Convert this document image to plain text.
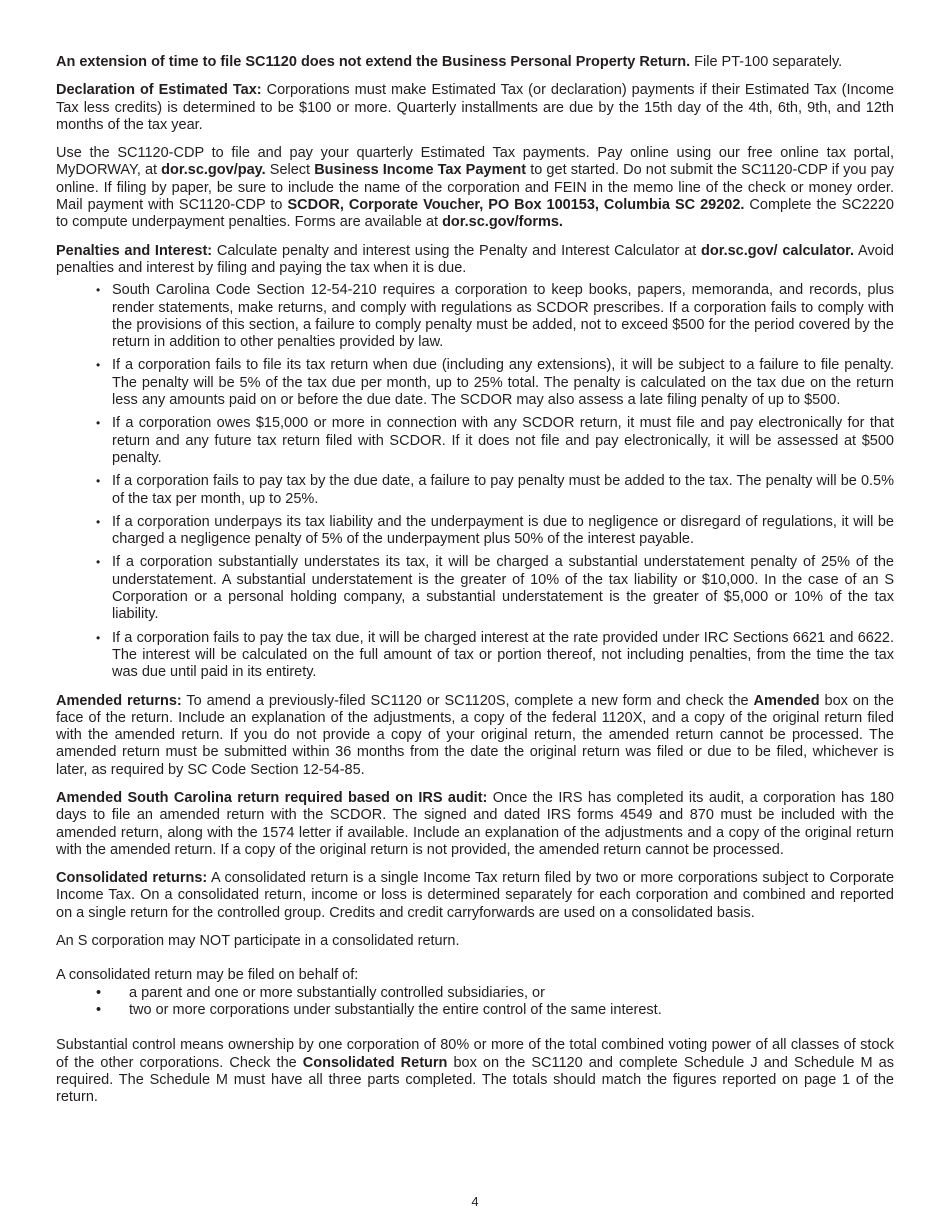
An extension of time to file SC1120 does not extend the Business Personal Property Return. File PT-100 separately.

Declaration of Estimated Tax: Corporations must make Estimated Tax (or declaration) payments if their Estimated Tax (Income Tax less credits) is determined to be $100 or more. Quarterly installments are due by the 15th day of the 4th, 6th, 9th, and 12th months of the tax year.

Use the SC1120-CDP to file and pay your quarterly Estimated Tax payments. Pay online using our free online tax portal, MyDORWAY, at dor.sc.gov/pay. Select Business Income Tax Payment to get started. Do not submit the SC1120-CDP if you pay online. If filing by paper, be sure to include the name of the corporation and FEIN in the memo line of the check or money order. Mail payment with SC1120-CDP to SCDOR, Corporate Voucher, PO Box 100153, Columbia SC 29202. Complete the SC2220 to compute underpayment penalties. Forms are available at dor.sc.gov/forms.

Penalties and Interest: Calculate penalty and interest using the Penalty and Interest Calculator at dor.sc.gov/ calculator. Avoid penalties and interest by filing and paying the tax when it is due.

• South Carolina Code Section 12-54-210 requires a corporation to keep books, papers, memoranda, and records, plus render statements, make returns, and comply with regulations as SCDOR prescribes. If a corporation fails to comply with the provisions of this section, a failure to comply penalty must be added, not to exceed $500 for the period covered by the return in addition to other penalties provided by law.
• If a corporation fails to file its tax return when due (including any extensions), it will be subject to a failure to file penalty. The penalty will be 5% of the tax due per month, up to 25% total. The penalty is calculated on the tax due on the return less any amounts paid on or before the due date. The SCDOR may also assess a late filing penalty of up to $500.
• If a corporation owes $15,000 or more in connection with any SCDOR return, it must file and pay electronically for that return and any future tax return filed with SCDOR. If it does not file and pay electronically, it will be assessed at $500 penalty.
• If a corporation fails to pay tax by the due date, a failure to pay penalty must be added to the tax. The penalty will be 0.5% of the tax per month, up to 25%.
• If a corporation underpays its tax liability and the underpayment is due to negligence or disregard of regulations, it will be charged a negligence penalty of 5% of the underpayment plus 50% of the interest payable.
• If a corporation substantially understates its tax, it will be charged a substantial understatement penalty of 25% of the understatement. A substantial understatement is the greater of 10% of the tax liability or $10,000. In the case of an S Corporation or a personal holding company, a substantial understatement is the greater of $5,000 or 10% of the tax liability.
• If a corporation fails to pay the tax due, it will be charged interest at the rate provided under IRC Sections 6621 and 6622. The interest will be calculated on the full amount of tax or portion thereof, not including penalties, from the time the tax was due until paid in its entirety.

Amended returns: To amend a previously-filed SC1120 or SC1120S, complete a new form and check the Amended box on the face of the return. Include an explanation of the adjustments, a copy of the federal 1120X, and a copy of the original return filed with the amended return. If you do not provide a copy of your original return, the amended return cannot be processed. The amended return must be submitted within 36 months from the date the original return was filed or due to be filed, whichever is later, as required by SC Code Section 12-54-85.

Amended South Carolina return required based on IRS audit: Once the IRS has completed its audit, a corporation has 180 days to file an amended return with the SCDOR. The signed and dated IRS forms 4549 and 870 must be included with the amended return, along with the 1574 letter if available. Include an explanation of the adjustments and a copy of the original return with the amended return. If a copy of the original return is not provided, the amended return cannot be processed.

Consolidated returns: A consolidated return is a single Income Tax return filed by two or more corporations subject to Corporate Income Tax. On a consolidated return, income or loss is determined separately for each corporation and combined and reported on a single return for the controlled group. Credits and credit carryforwards are used on a consolidated basis.

An S corporation may NOT participate in a consolidated return.

A consolidated return may be filed on behalf of:

• a parent and one or more substantially controlled subsidiaries, or
• two or more corporations under substantially the entire control of the same interest.

Substantial control means ownership by one corporation of 80% or more of the total combined voting power of all classes of stock of the other corporations. Check the Consolidated Return box on the SC1120 and complete Schedule J and Schedule M as required. The Schedule M must have all three parts completed. The totals should match the figures reported on page 1 of the return.

4
